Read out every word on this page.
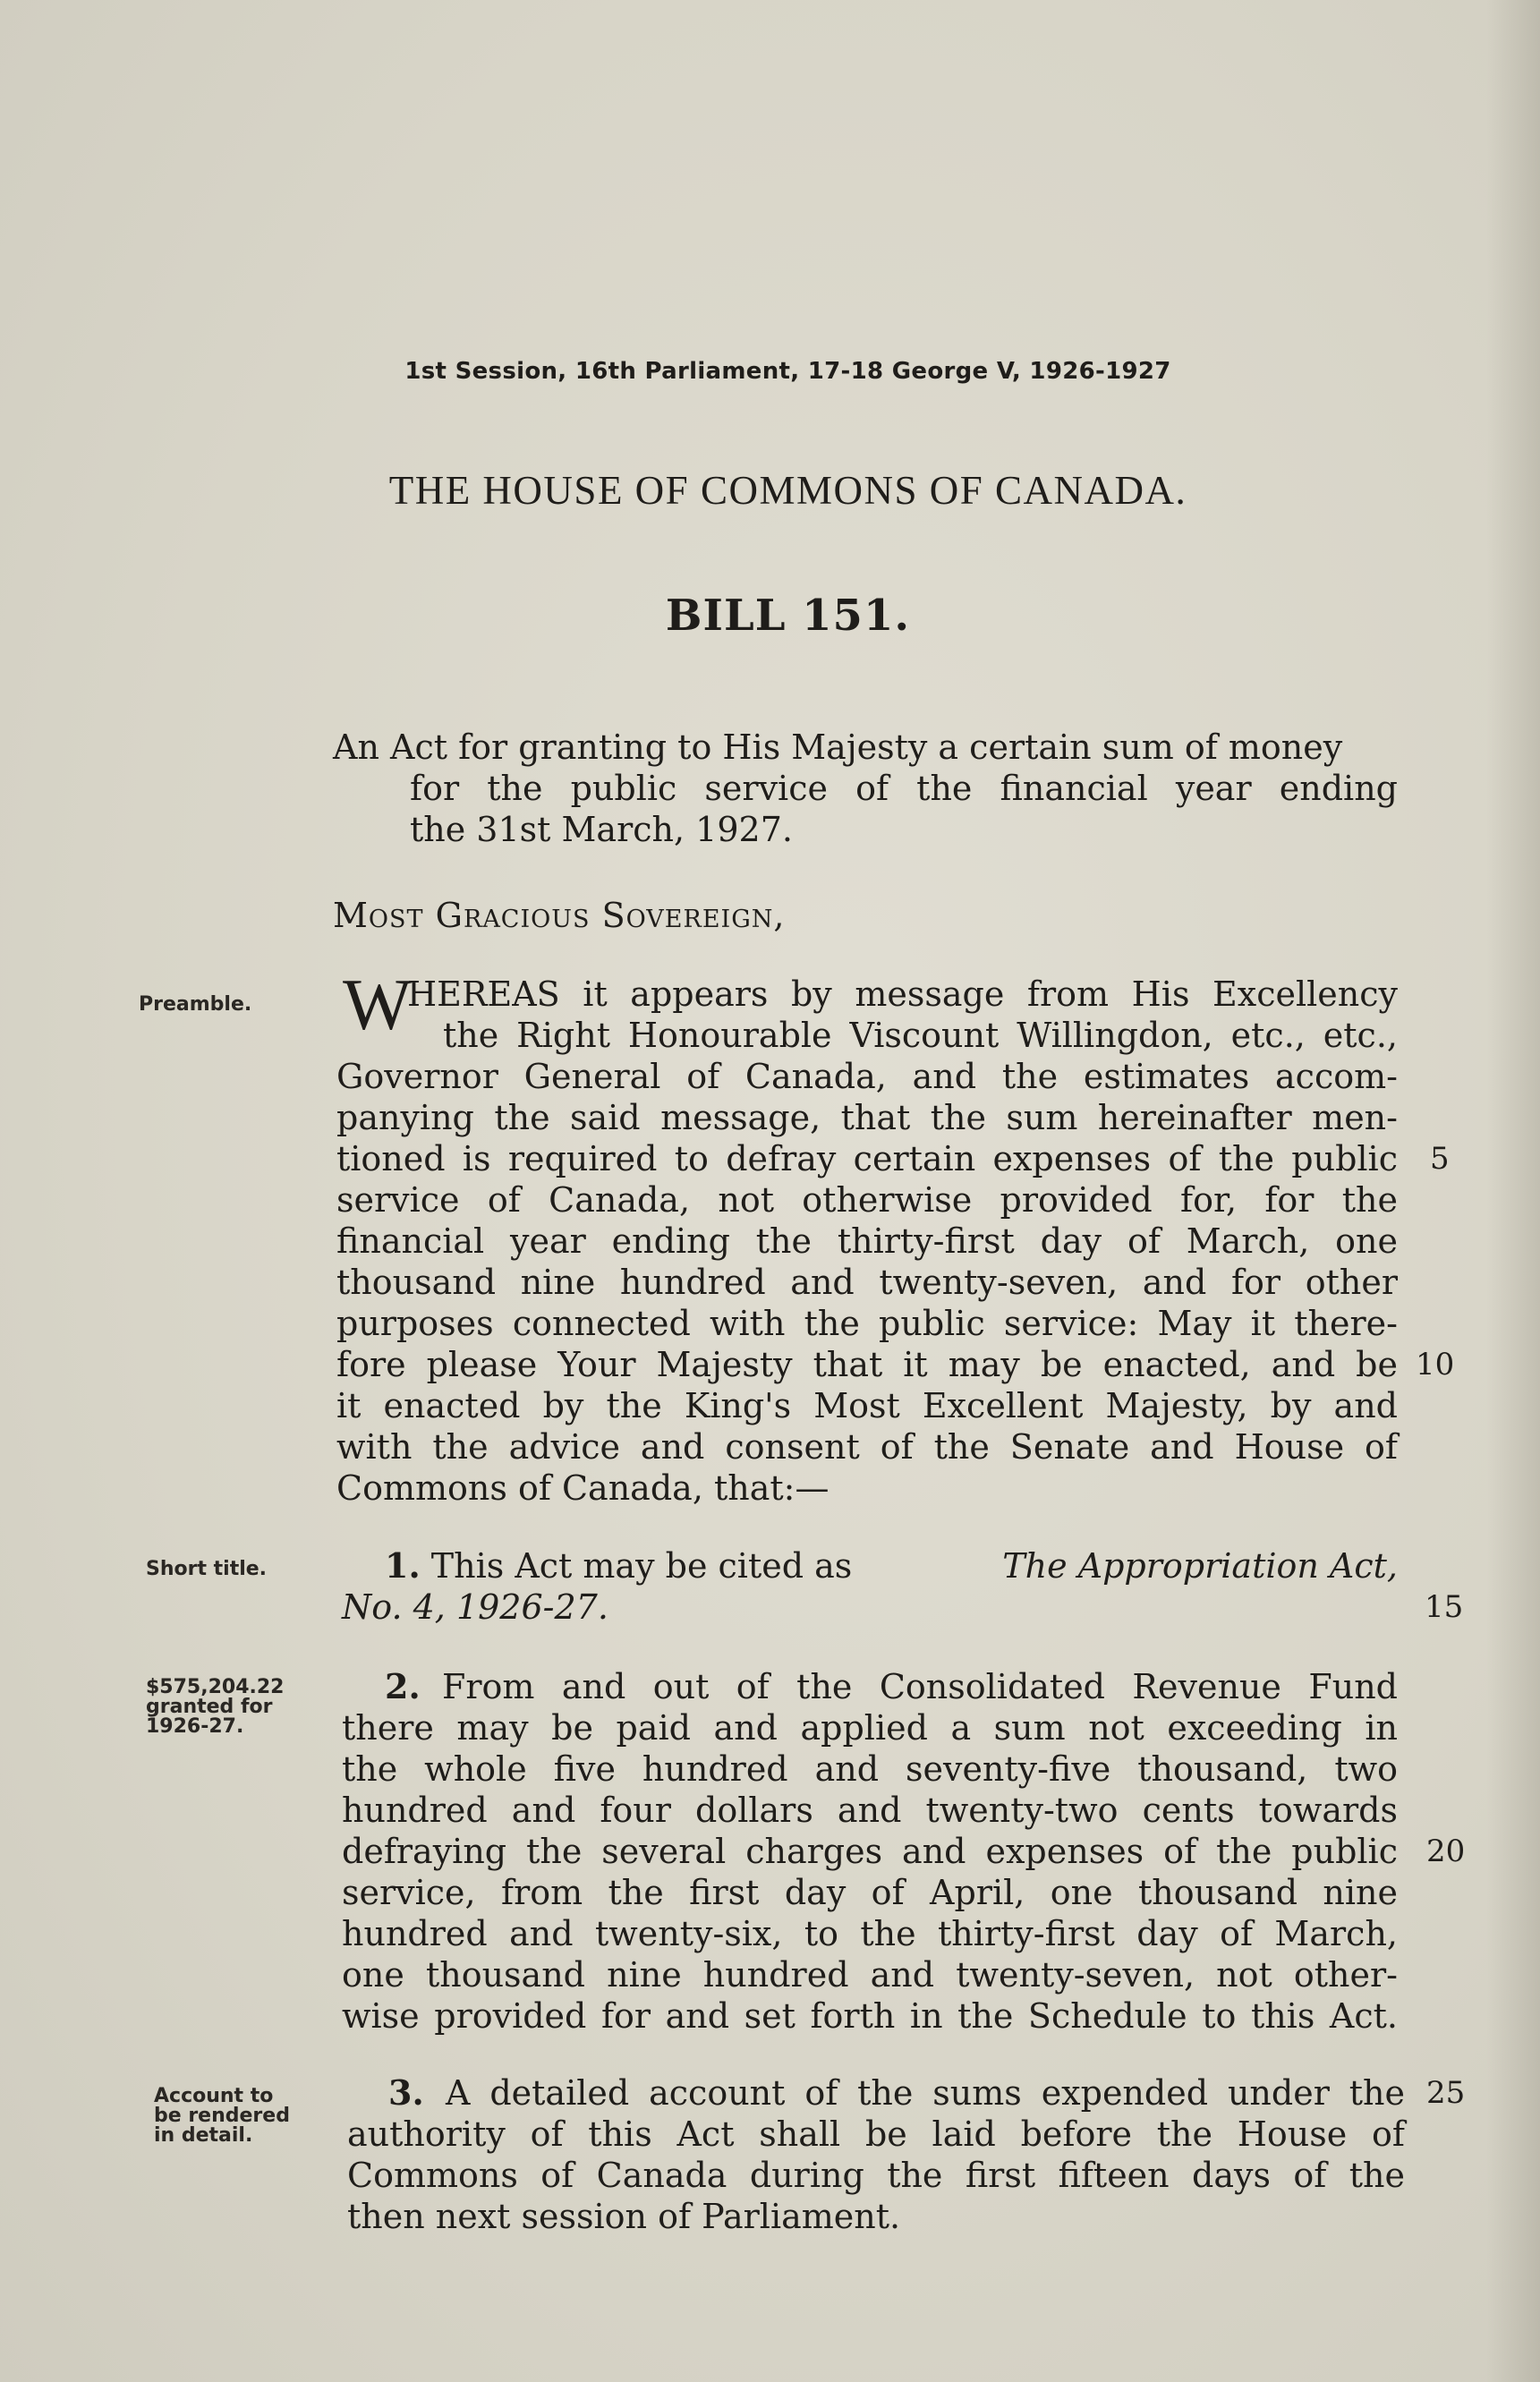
1st Session, 16th Parliament, 17-18 George V, 1926-1927
THE HOUSE OF COMMONS OF CANADA.
BILL 151.
An Act for granting to His Majesty a certain sum of money
for the public service of the financial year ending
the 31st March, 1927.
Most Gracious Sovereign,
Preamble.
Short title.
$575,204.22
granted for
1926-27.
Account to
be rendered
in detail.
W
HEREAS it appears by message from His Excellency
the Right Honourable Viscount Willingdon, etc., etc.,
Governor General of Canada, and the estimates accom-
panying the said message, that the sum hereinafter men-
tioned is required to defray certain expenses of the public
service of Canada, not otherwise provided for, for the
financial year ending the thirty-first day of March, one
thousand nine hundred and twenty-seven, and for other
purposes connected with the public service: May it there-
fore please Your Majesty that it may be enacted, and be
it enacted by the King's Most Excellent Majesty, by and
with the advice and consent of the Senate and House of
Commons of Canada, that:—
1. This Act may be cited as	The Appropriation Act,
No. 4, 1926-27.
2. From and out of the Consolidated Revenue Fund
there may be paid and applied a sum not exceeding in
the whole five hundred and seventy-five thousand, two
hundred and four dollars and twenty-two cents towards
defraying the several charges and expenses of the public
service, from the first day of April, one thousand nine
hundred and twenty-six, to the thirty-first day of March,
one thousand nine hundred and twenty-seven, not other-
wise provided for and set forth in the Schedule to this Act.
3. A detailed account of the sums expended under the
authority of this Act shall be laid before the House of
Commons of Canada during the first fifteen days of the
then next session of Parliament.
5
10
15
20
25
